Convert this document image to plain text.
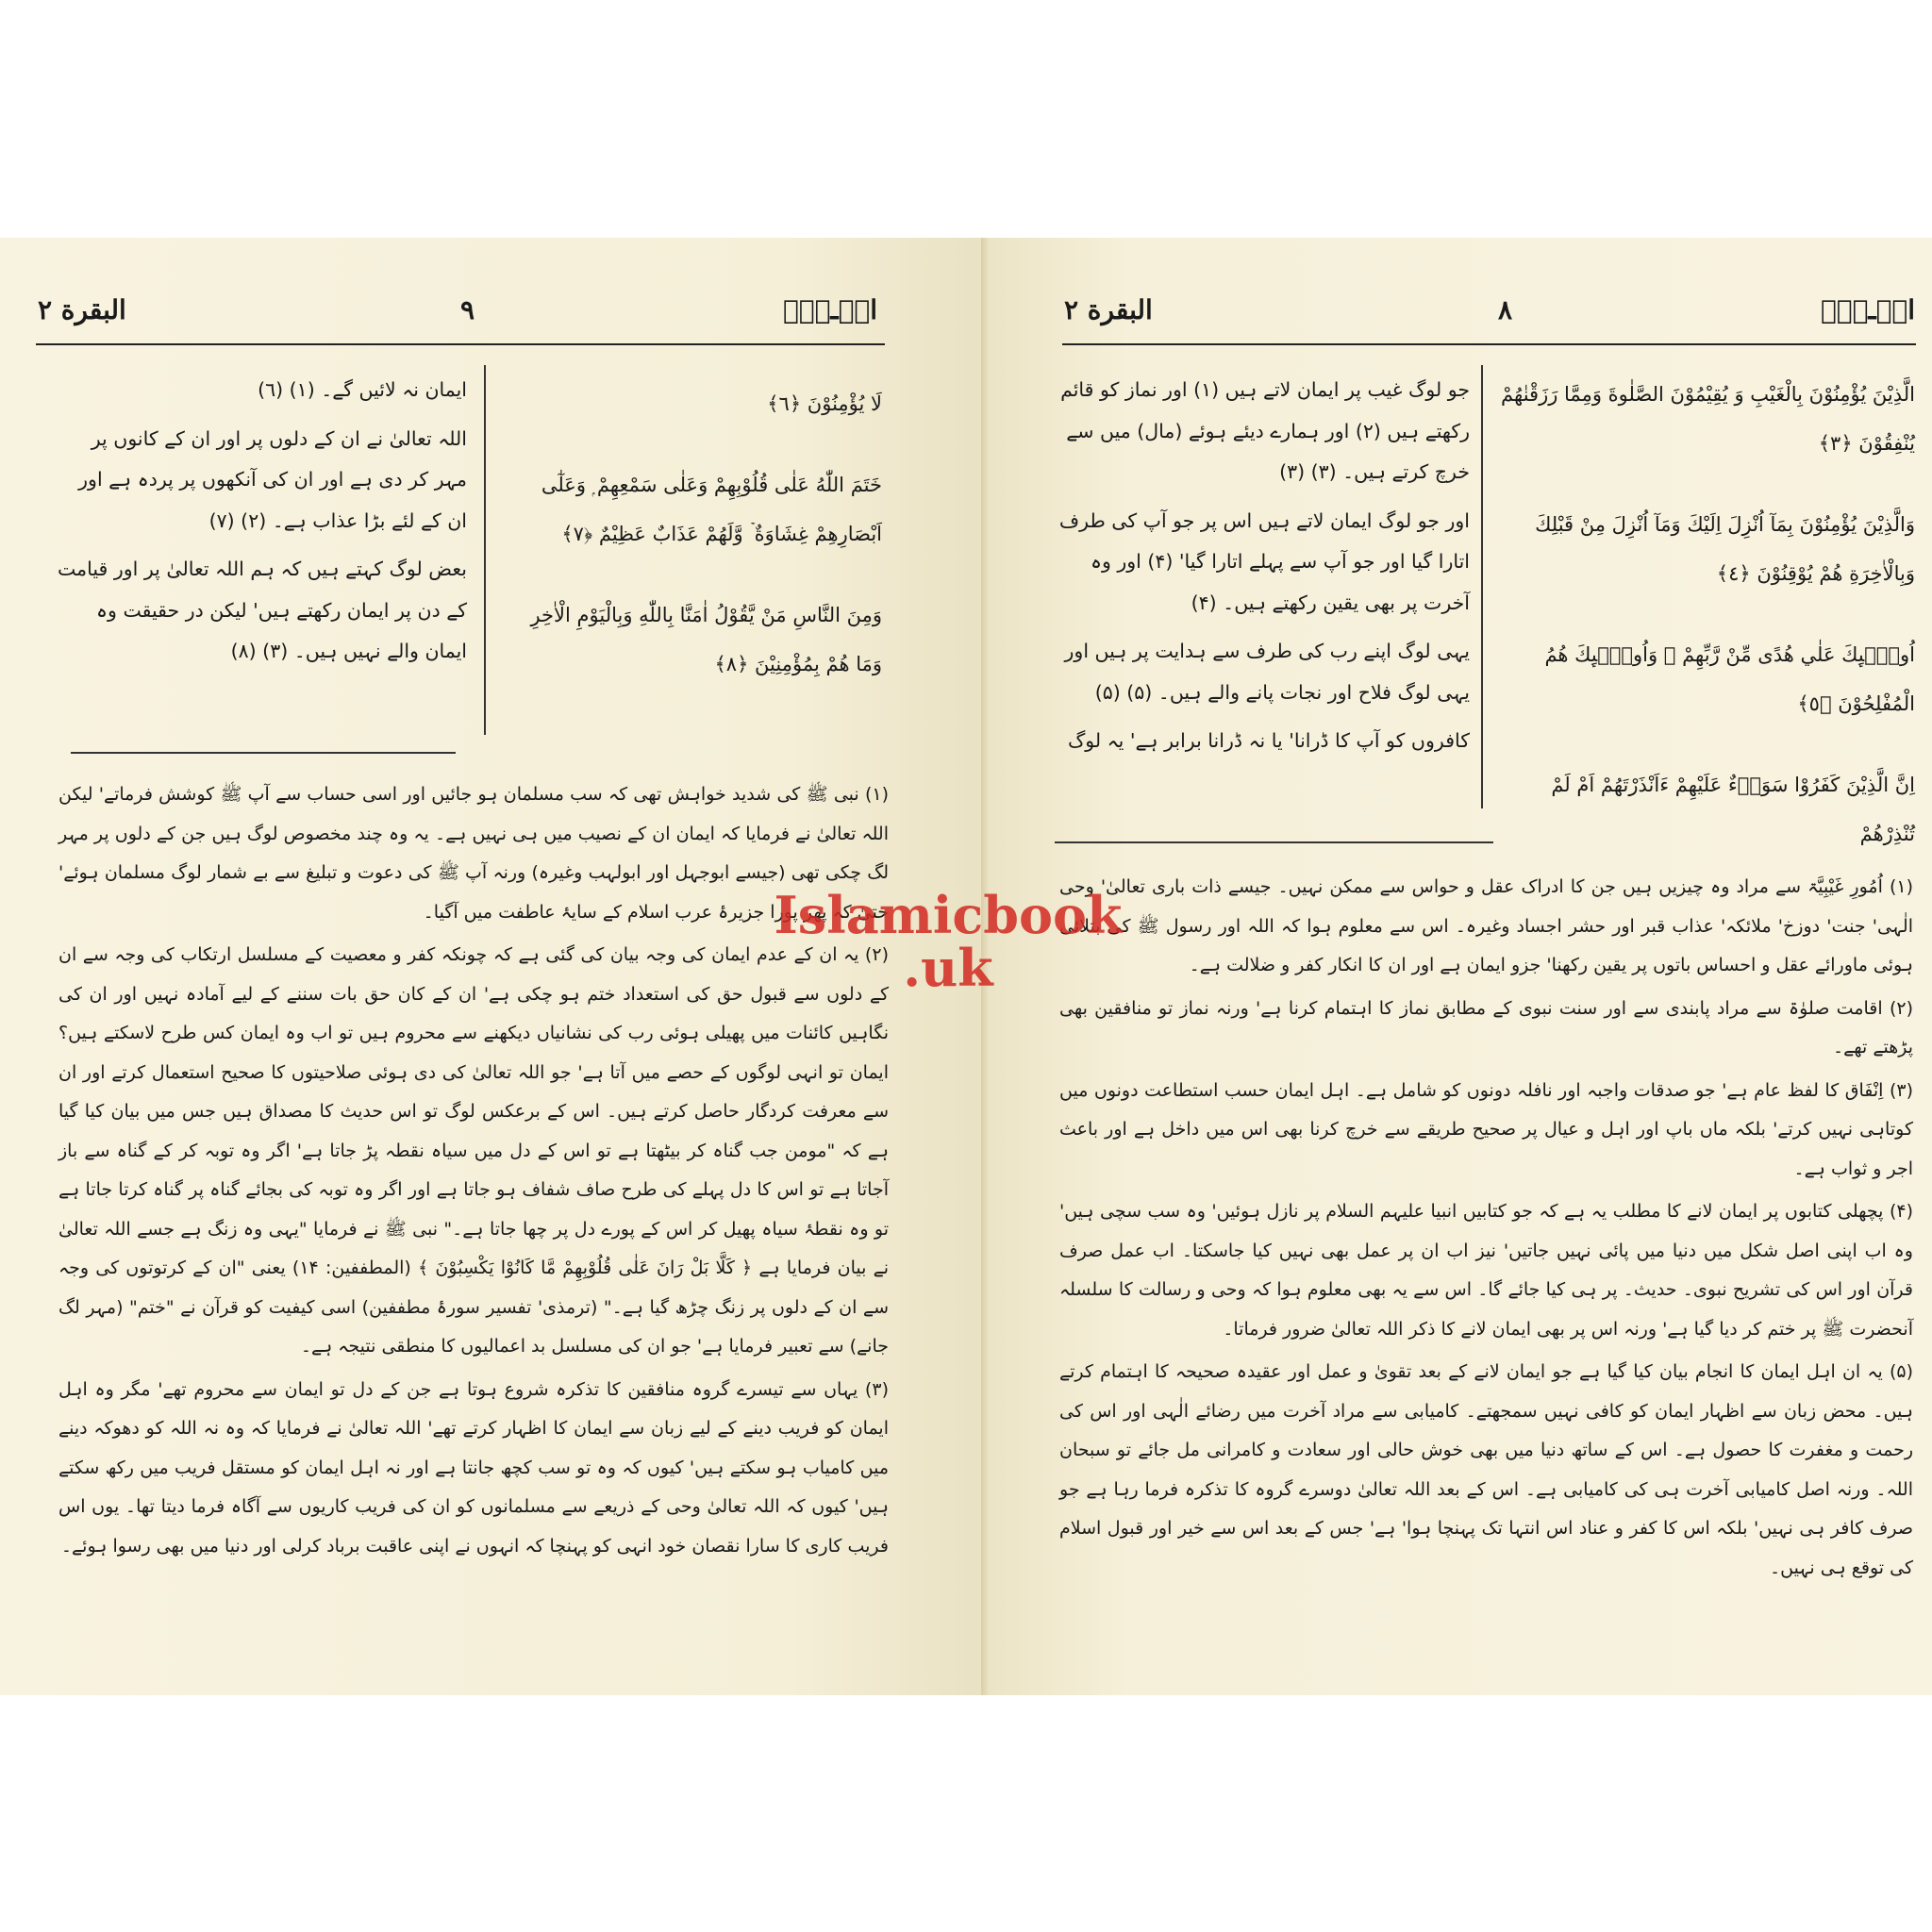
البقرة ۲	۹	الۤـمّۤ

لَا يُؤْمِنُوْنَ ﴿٦﴾

خَتَمَ اللّٰهُ عَلٰى قُلُوْبِهِمْ وَعَلٰى سَمْعِهِمْ ۭ وَعَلٰٓى اَبْصَارِهِمْ غِشَاوَةٌ ۡ وَّلَهُمْ عَذَابٌ عَظِيْمٌ ﴿٧﴾

وَمِنَ النَّاسِ مَنْ يَّقُوْلُ اٰمَنَّا بِاللّٰهِ وَبِالْيَوْمِ الْاٰخِرِ وَمَا هُمْ بِمُؤْمِنِيْنَ ﴿٨﴾

ایمان نہ لائیں گے۔ (۱) (٦)

اللہ تعالیٰ نے ان کے دلوں پر اور ان کے کانوں پر مہر کر دی ہے اور ان کی آنکھوں پر پردہ ہے اور ان کے لئے بڑا عذاب ہے۔ (۲) (۷)

بعض لوگ کہتے ہیں کہ ہم اللہ تعالیٰ پر اور قیامت کے دن پر ایمان رکھتے ہیں' لیکن در حقیقت وہ ایمان والے نہیں ہیں۔ (۳) (۸)

(۱) نبی ﷺ کی شدید خواہش تھی کہ سب مسلمان ہو جائیں اور اسی حساب سے آپ ﷺ کوشش فرماتے' لیکن اللہ تعالیٰ نے فرمایا کہ ایمان ان کے نصیب میں ہی نہیں ہے۔ یہ وہ چند مخصوص لوگ ہیں جن کے دلوں پر مہر لگ چکی تھی (جیسے ابوجہل اور ابولہب وغیرہ) ورنہ آپ ﷺ کی دعوت و تبلیغ سے بے شمار لوگ مسلمان ہوئے' حتیٰ کہ پھر پورا جزیرۂ عرب اسلام کے سایۂ عاطفت میں آگیا۔

(۲) یہ ان کے عدم ایمان کی وجہ بیان کی گئی ہے کہ چونکہ کفر و معصیت کے مسلسل ارتکاب کی وجہ سے ان کے دلوں سے قبول حق کی استعداد ختم ہو چکی ہے' ان کے کان حق بات سننے کے لیے آمادہ نہیں اور ان کی نگاہیں کائنات میں پھیلی ہوئی رب کی نشانیاں دیکھنے سے محروم ہیں تو اب وہ ایمان کس طرح لاسکتے ہیں؟ ایمان تو انہی لوگوں کے حصے میں آتا ہے' جو اللہ تعالیٰ کی دی ہوئی صلاحیتوں کا صحیح استعمال کرتے اور ان سے معرفت کردگار حاصل کرتے ہیں۔ اس کے برعکس لوگ تو اس حدیث کا مصداق ہیں جس میں بیان کیا گیا ہے کہ "مومن جب گناہ کر بیٹھتا ہے تو اس کے دل میں سیاہ نقطہ پڑ جاتا ہے' اگر وہ توبہ کر کے گناہ سے باز آجاتا ہے تو اس کا دل پہلے کی طرح صاف شفاف ہو جاتا ہے اور اگر وہ توبہ کی بجائے گناہ پر گناہ کرتا جاتا ہے تو وہ نقطۂ سیاہ پھیل کر اس کے پورے دل پر چھا جاتا ہے۔" نبی ﷺ نے فرمایا "یہی وہ زنگ ہے جسے اللہ تعالیٰ نے بیان فرمایا ہے ﴿ كَلَّا بَلْ رَانَ عَلٰى قُلُوْبِهِمْ مَّا كَانُوْا يَكْسِبُوْنَ ﴾ (المطففین: ۱۴) یعنی "ان کے کرتوتوں کی وجہ سے ان کے دلوں پر زنگ چڑھ گیا ہے۔" (ترمذی' تفسیر سورۂ مطففین) اسی کیفیت کو قرآن نے "ختم" (مہر لگ جانے) سے تعبیر فرمایا ہے' جو ان کی مسلسل بد اعمالیوں کا منطقی نتیجہ ہے۔

(۳) یہاں سے تیسرے گروہ منافقین کا تذکرہ شروع ہوتا ہے جن کے دل تو ایمان سے محروم تھے' مگر وہ اہل ایمان کو فریب دینے کے لیے زبان سے ایمان کا اظہار کرتے تھے' اللہ تعالیٰ نے فرمایا کہ وہ نہ اللہ کو دھوکہ دینے میں کامیاب ہو سکتے ہیں' کیوں کہ وہ تو سب کچھ جانتا ہے اور نہ اہل ایمان کو مستقل فریب میں رکھ سکتے ہیں' کیوں کہ اللہ تعالیٰ وحی کے ذریعے سے مسلمانوں کو ان کی فریب کاریوں سے آگاہ فرما دیتا تھا۔ یوں اس فریب کاری کا سارا نقصان خود انہی کو پہنچا کہ انہوں نے اپنی عاقبت برباد کرلی اور دنیا میں بھی رسوا ہوئے۔

البقرة ۲	۸	الۤـمّۤ

الَّذِيْنَ يُؤْمِنُوْنَ بِالْغَيْبِ وَ يُقِيْمُوْنَ الصَّلٰوةَ وَمِمَّا رَزَقْنٰهُمْ يُنْفِقُوْنَ ﴿٣﴾

وَالَّذِيْنَ يُؤْمِنُوْنَ بِمَآ اُنْزِلَ اِلَيْكَ وَمَآ اُنْزِلَ مِنْ قَبْلِكَ وَبِالْاٰخِرَةِ هُمْ يُوْقِنُوْنَ ﴿٤﴾

اُولٰۗىِٕكَ عَلٰي هُدًى مِّنْ رَّبِّهِمْ ۤ وَاُولٰۗىِٕكَ هُمُ الْمُفْلِحُوْنَ ﴿٥﴾

اِنَّ الَّذِيْنَ كَفَرُوْا سَوَاۗءٌ عَلَيْهِمْ ءَاَنْذَرْتَھُمْ اَمْ لَمْ تُنْذِرْھُمْ

جو لوگ غیب پر ایمان لاتے ہیں (۱) اور نماز کو قائم رکھتے ہیں (۲) اور ہمارے دیئے ہوئے (مال) میں سے خرچ کرتے ہیں۔ (۳) (۳)

اور جو لوگ ایمان لاتے ہیں اس پر جو آپ کی طرف اتارا گیا اور جو آپ سے پہلے اتارا گیا' (۴) اور وہ آخرت پر بھی یقین رکھتے ہیں۔ (۴)

یہی لوگ اپنے رب کی طرف سے ہدایت پر ہیں اور یہی لوگ فلاح اور نجات پانے والے ہیں۔ (۵) (۵)

کافروں کو آپ کا ڈرانا' یا نہ ڈرانا برابر ہے' یہ لوگ

(۱) اُمُورِ غَیْبِیَّۃ سے مراد وہ چیزیں ہیں جن کا ادراک عقل و حواس سے ممکن نہیں۔ جیسے ذات باری تعالیٰ' وحی الٰہی' جنت' دوزخ' ملائکہ' عذاب قبر اور حشر اجساد وغیرہ۔ اس سے معلوم ہوا کہ اللہ اور رسول ﷺ کی بتلائی ہوئی ماورائے عقل و احساس باتوں پر یقین رکھنا' جزو ایمان ہے اور ان کا انکار کفر و ضلالت ہے۔

(۲) اقامت صلوٰۃ سے مراد پابندی سے اور سنت نبوی کے مطابق نماز کا اہتمام کرنا ہے' ورنہ نماز تو منافقین بھی پڑھتے تھے۔

(۳) اِنْفَاق کا لفظ عام ہے' جو صدقات واجبہ اور نافلہ دونوں کو شامل ہے۔ اہل ایمان حسب استطاعت دونوں میں کوتاہی نہیں کرتے' بلکہ ماں باپ اور اہل و عیال پر صحیح طریقے سے خرچ کرنا بھی اس میں داخل ہے اور باعث اجر و ثواب ہے۔

(۴) پچھلی کتابوں پر ایمان لانے کا مطلب یہ ہے کہ جو کتابیں انبیا علیہم السلام پر نازل ہوئیں' وہ سب سچی ہیں' وہ اب اپنی اصل شکل میں دنیا میں پائی نہیں جاتیں' نیز اب ان پر عمل بھی نہیں کیا جاسکتا۔ اب عمل صرف قرآن اور اس کی تشریح نبوی۔ حدیث۔ پر ہی کیا جائے گا۔ اس سے یہ بھی معلوم ہوا کہ وحی و رسالت کا سلسلہ آنحضرت ﷺ پر ختم کر دیا گیا ہے' ورنہ اس پر بھی ایمان لانے کا ذکر اللہ تعالیٰ ضرور فرماتا۔

(۵) یہ ان اہل ایمان کا انجام بیان کیا گیا ہے جو ایمان لانے کے بعد تقویٰ و عمل اور عقیدہ صحیحہ کا اہتمام کرتے ہیں۔ محض زبان سے اظہار ایمان کو کافی نہیں سمجھتے۔ کامیابی سے مراد آخرت میں رضائے الٰہی اور اس کی رحمت و مغفرت کا حصول ہے۔ اس کے ساتھ دنیا میں بھی خوش حالی اور سعادت و کامرانی مل جائے تو سبحان اللہ۔ ورنہ اصل کامیابی آخرت ہی کی کامیابی ہے۔ اس کے بعد اللہ تعالیٰ دوسرے گروہ کا تذکرہ فرما رہا ہے جو صرف کافر ہی نہیں' بلکہ اس کا کفر و عناد اس انتہا تک پہنچا ہوا' ہے' جس کے بعد اس سے خیر اور قبول اسلام کی توقع ہی نہیں۔

Islamicbook
.uk
